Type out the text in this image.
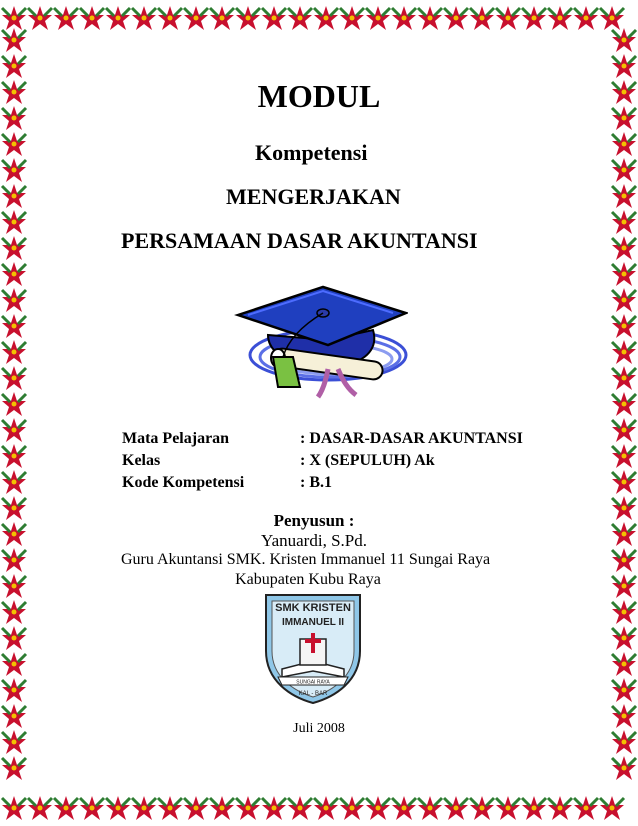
MODUL
Kompetensi
MENGERJAKAN
PERSAMAAN DASAR AKUNTANSI
Mata Pelajaran	: DASAR-DASAR AKUNTANSI
Kelas	: X (SEPULUH) Ak
Kode Kompetensi	: B.1
Penyusun :
Yanuardi, S.Pd.
Guru Akuntansi SMK. Kristen Immanuel 11 Sungai Raya
Kabupaten Kubu Raya
SMK KRISTEN
IMMANUEL II
SUNGAI RAYA
KAL - BAR
Juli 2008
